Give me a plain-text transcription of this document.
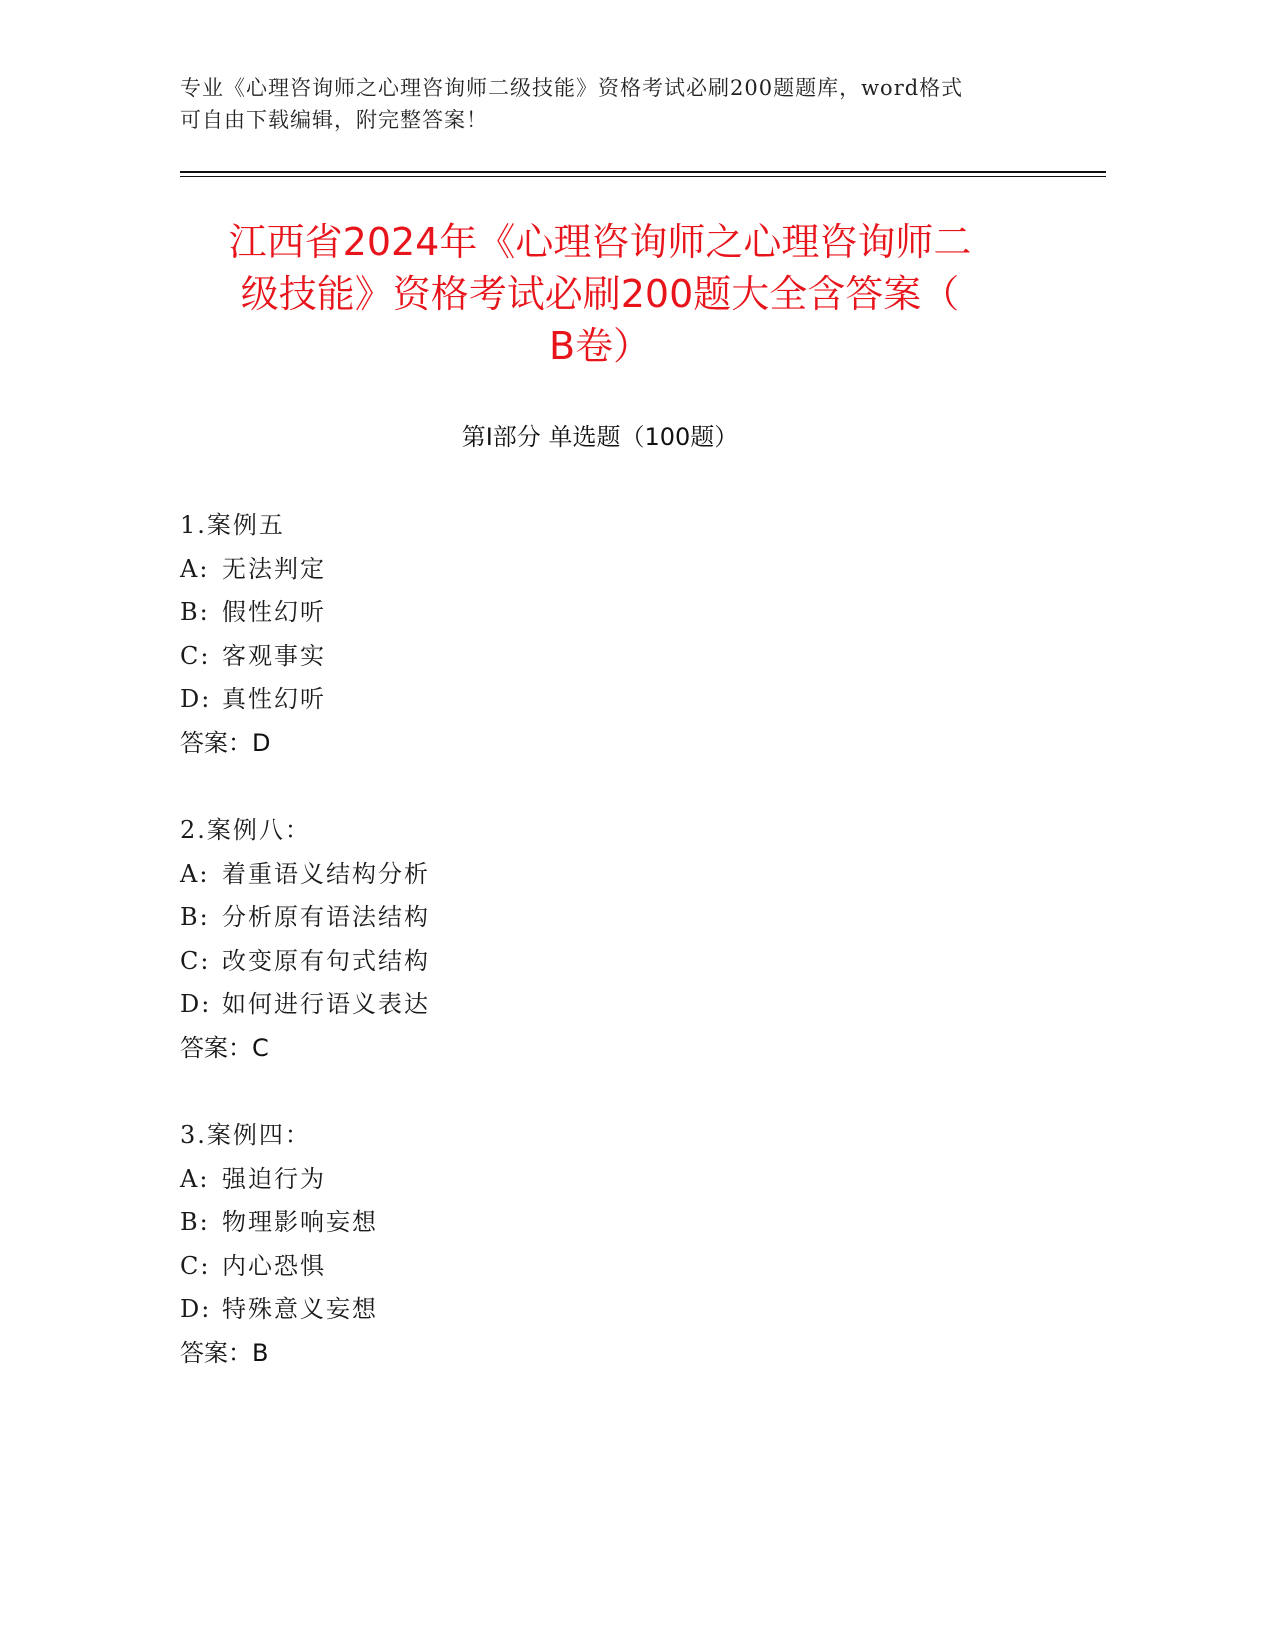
专业《心理咨询师之心理咨询师二级技能》资格考试必刷200题题库，word格式
可自由下载编辑，附完整答案！
江西省2024年《心理咨询师之心理咨询师二
级技能》资格考试必刷200题大全含答案（
B卷）
第Ⅰ部分 单选题（100题）
1.案例五
A: 无法判定
B: 假性幻听
C: 客观事实
D: 真性幻听
答案：D
2.案例八：
A: 着重语义结构分析
B: 分析原有语法结构
C: 改变原有句式结构
D: 如何进行语义表达
答案：C
3.案例四：
A: 强迫行为
B: 物理影响妄想
C: 内心恐惧
D: 特殊意义妄想
答案：B
